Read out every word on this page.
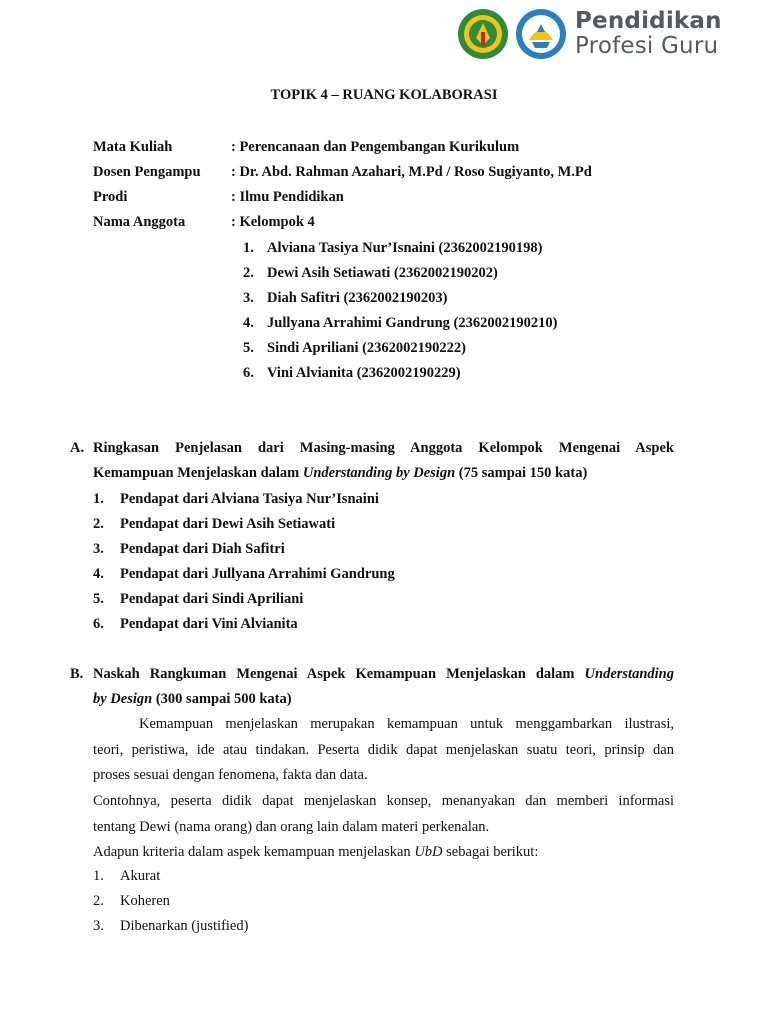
Pendidikan
Profesi Guru
TOPIK 4 – RUANG KOLABORASI
Mata Kuliah	: Perencanaan dan Pengembangan Kurikulum
Dosen Pengampu : Dr. Abd. Rahman Azahari, M.Pd / Roso Sugiyanto, M.Pd
Prodi	: Ilmu Pendidikan
Nama Anggota	: Kelompok 4
1. Alviana Tasiya Nur’Isnaini (2362002190198)
2. Dewi Asih Setiawati (2362002190202)
3. Diah Safitri (2362002190203)
4. Jullyana Arrahimi Gandrung (2362002190210)
5. Sindi Apriliani (2362002190222)
6. Vini Alvianita (2362002190229)
A. Ringkasan Penjelasan dari Masing-masing Anggota Kelompok Mengenai Aspek
Kemampuan Menjelaskan dalam Understanding by Design (75 sampai 150 kata)
1. Pendapat dari Alviana Tasiya Nur’Isnaini
2. Pendapat dari Dewi Asih Setiawati
3. Pendapat dari Diah Safitri
4. Pendapat dari Jullyana Arrahimi Gandrung
5. Pendapat dari Sindi Apriliani
6. Pendapat dari Vini Alvianita
B. Naskah Rangkuman Mengenai Aspek Kemampuan Menjelaskan dalam Understanding
by Design (300 sampai 500 kata)
Kemampuan menjelaskan merupakan kemampuan untuk menggambarkan ilustrasi,
teori, peristiwa, ide atau tindakan. Peserta didik dapat menjelaskan suatu teori, prinsip dan
proses sesuai dengan fenomena, fakta dan data.
Contohnya, peserta didik dapat menjelaskan konsep, menanyakan dan memberi informasi
tentang Dewi (nama orang) dan orang lain dalam materi perkenalan.
Adapun kriteria dalam aspek kemampuan menjelaskan UbD sebagai berikut:
1. Akurat
2. Koheren
3. Dibenarkan (justified)
